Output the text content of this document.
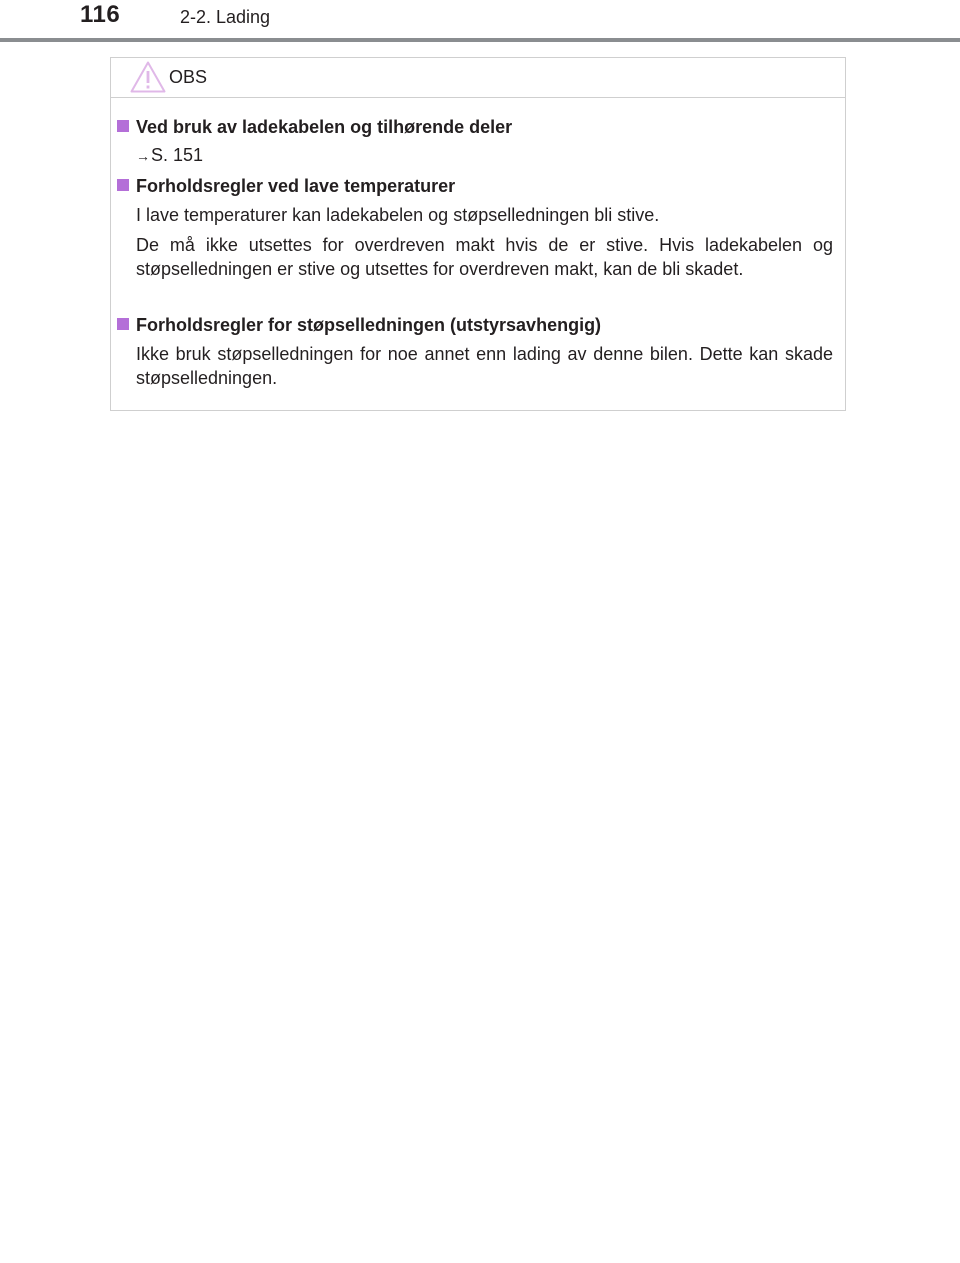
116	2-2. Lading
OBS
Ved bruk av ladekabelen og tilhørende deler
→S. 151
Forholdsregler ved lave temperaturer
I lave temperaturer kan ladekabelen og støpselledningen bli stive.
De må ikke utsettes for overdreven makt hvis de er stive. Hvis ladekabelen og støpselledningen er stive og utsettes for overdreven makt, kan de bli skadet.
Forholdsregler for støpselledningen (utstyrsavhengig)
Ikke bruk støpselledningen for noe annet enn lading av denne bilen. Dette kan skade støpselledningen.
